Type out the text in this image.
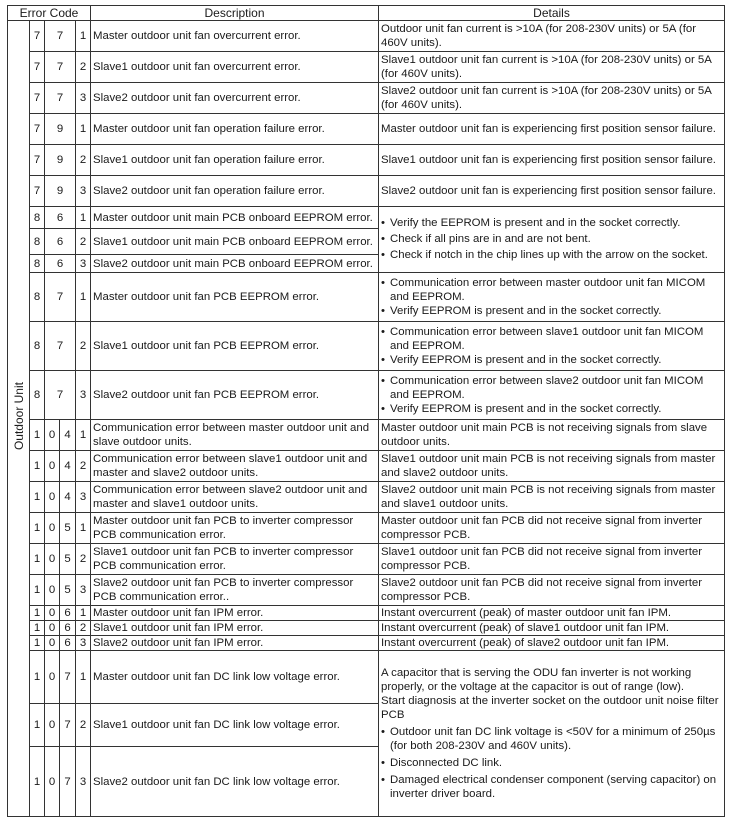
Error Code					Description	Details
Outdoor Unit	7	7		1	Master outdoor unit fan overcurrent error.	Outdoor unit fan current is >10A (for 208-230V units) or 5A (for 460V units).

	7	7		2	Slave1 outdoor unit fan overcurrent error.	Slave1 outdoor unit fan current is >10A (for 208-230V units) or 5A (for 460V units).

	7	7		3	Slave2 outdoor unit fan overcurrent error.	Slave2 outdoor unit fan current is >10A (for 208-230V units) or 5A (for 460V units).

	7	9		1	Master outdoor unit fan operation failure error.	Master outdoor unit fan is experiencing first position sensor failure.

	7	9		2	Slave1 outdoor unit fan operation failure error.	Slave1 outdoor unit fan is experiencing first position sensor failure.

	7	9		3	Slave2 outdoor unit fan operation failure error.	Slave2 outdoor unit fan is experiencing first position sensor failure.

	8	6		1	Master outdoor unit main PCB onboard EEPROM error.	• Verify the EEPROM is present and in the socket correctly.
• Check if all pins are in and are not bent.
• Check if notch in the chip lines up with the arrow on the socket.

	8	6		2	Slave1 outdoor unit main PCB onboard EEPROM error.	
	8	6		3	Slave2 outdoor unit main PCB onboard EEPROM error.	
	8	7		1	Master outdoor unit fan PCB EEPROM error.	• Communication error between master outdoor unit fan MICOM and EEPROM.
• Verify EEPROM is present and in the socket correctly.

	8	7		2	Slave1 outdoor unit fan PCB EEPROM error.	• Communication error between slave1 outdoor unit fan MICOM and EEPROM.
• Verify EEPROM is present and in the socket correctly.

	8	7		3	Slave2 outdoor unit fan PCB EEPROM error.	• Communication error between slave2 outdoor unit fan MICOM and EEPROM.
• Verify EEPROM is present and in the socket correctly.

	1	0	4	1	Communication error between master outdoor unit and slave outdoor units.	Master outdoor unit main PCB is not receiving signals from slave outdoor units.

	1	0	4	2	Communication error between slave1 outdoor unit and master and slave2 outdoor units.	Slave1 outdoor unit main PCB is not receiving signals from master and slave2 outdoor units.

	1	0	4	3	Communication error between slave2 outdoor unit and master and slave1 outdoor units.	Slave2 outdoor unit main PCB is not receiving signals from master and slave1 outdoor units.

	1	0	5	1	Master outdoor unit fan PCB to inverter compressor PCB communication error.	Master outdoor unit fan PCB did not receive signal from inverter compressor PCB.

	1	0	5	2	Slave1 outdoor unit fan PCB to inverter compressor PCB communication error.	Slave1 outdoor unit fan PCB did not receive signal from inverter compressor PCB.

	1	0	5	3	Slave2 outdoor unit fan PCB to inverter compressor PCB communication error..	Slave2 outdoor unit fan PCB did not receive signal from inverter compressor PCB.

	1	0	6	1	Master outdoor unit fan IPM error.	Instant overcurrent (peak) of master outdoor unit fan IPM.

	1	0	6	2	Slave1 outdoor unit fan IPM error.	Instant overcurrent (peak) of slave1 outdoor unit fan IPM.

	1	0	6	3	Slave2 outdoor unit fan IPM error.	Instant overcurrent (peak) of slave2 outdoor unit fan IPM.

	1	0	7	1	Master outdoor unit fan DC link low voltage error.	A capacitor that is serving the ODU fan inverter is not working properly, or the voltage at the capacitor is out of range (low).
Start diagnosis at the inverter socket on the outdoor unit noise filter PCB
• Outdoor unit fan DC link voltage is <50V for a minimum of 250µs (for both 208-230V and 460V units).
• Disconnected DC link.
• Damaged electrical condenser component (serving capacitor) on inverter driver board.

	1	0	7	2	Slave1 outdoor unit fan DC link low voltage error.	
	1	0	7	3	Slave2 outdoor unit fan DC link low voltage error.	
